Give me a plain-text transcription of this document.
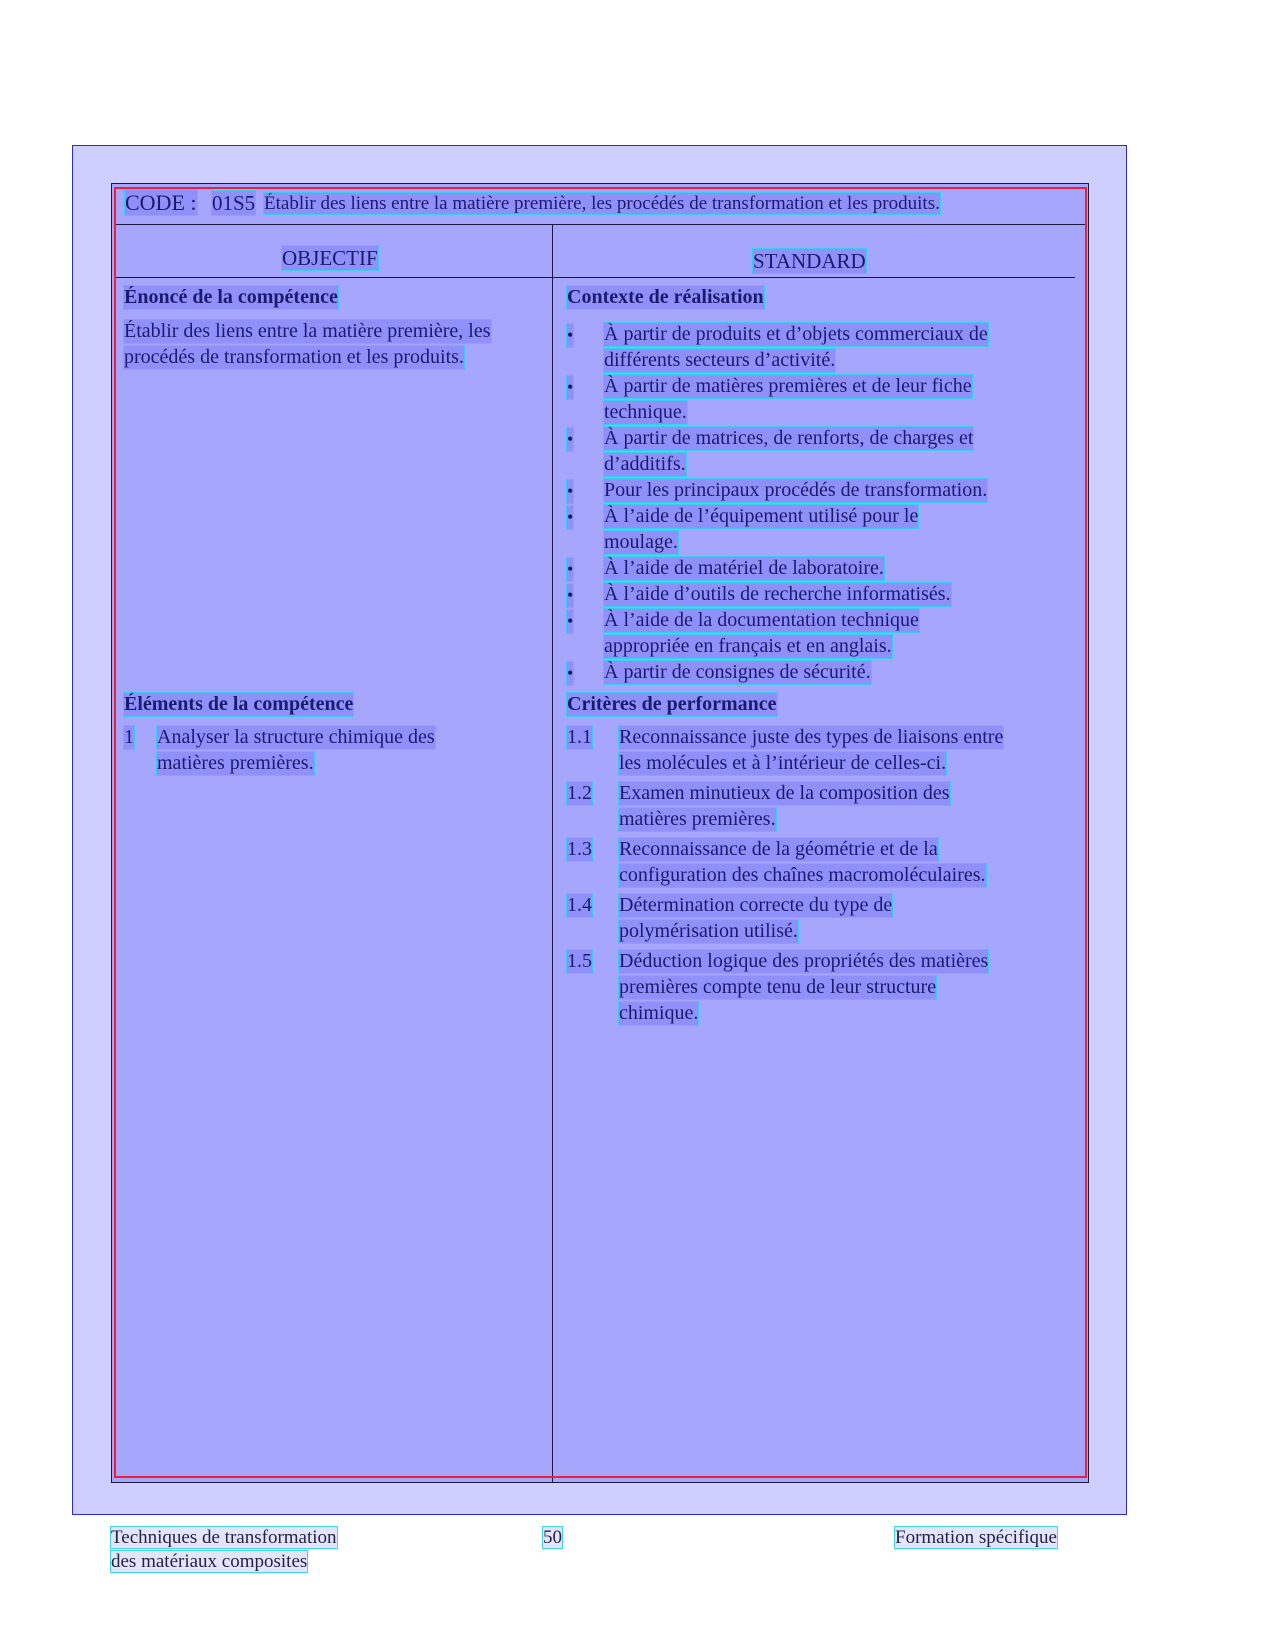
CODE : 01S5 Établir des liens entre la matière première, les procédés de transformation et les produits.
OBJECTIF	STANDARD
Énoncé de la compétence
Établir des liens entre la matière première, les
procédés de transformation et les produits.
Contexte de réalisation
• À partir de produits et d’objets commerciaux de
différents secteurs d’activité.
• À partir de matières premières et de leur fiche
technique.
• À partir de matrices, de renforts, de charges et
d’additifs.
• Pour les principaux procédés de transformation.
• À l’aide de l’équipement utilisé pour le
moulage.
• À l’aide de matériel de laboratoire.
• À l’aide d’outils de recherche informatisés.
• À l’aide de la documentation technique
appropriée en français et en anglais.
• À partir de consignes de sécurité.
Éléments de la compétence
1 Analyser la structure chimique des
matières premières.
Critères de performance
1.1 Reconnaissance juste des types de liaisons entre
les molécules et à l’intérieur de celles-ci.
1.2 Examen minutieux de la composition des
matières premières.
1.3 Reconnaissance de la géométrie et de la
configuration des chaînes macromoléculaires.
1.4 Détermination correcte du type de
polymérisation utilisé.
1.5 Déduction logique des propriétés des matières
premières compte tenu de leur structure
chimique.
Techniques de transformation
des matériaux composites
50	Formation spécifique
